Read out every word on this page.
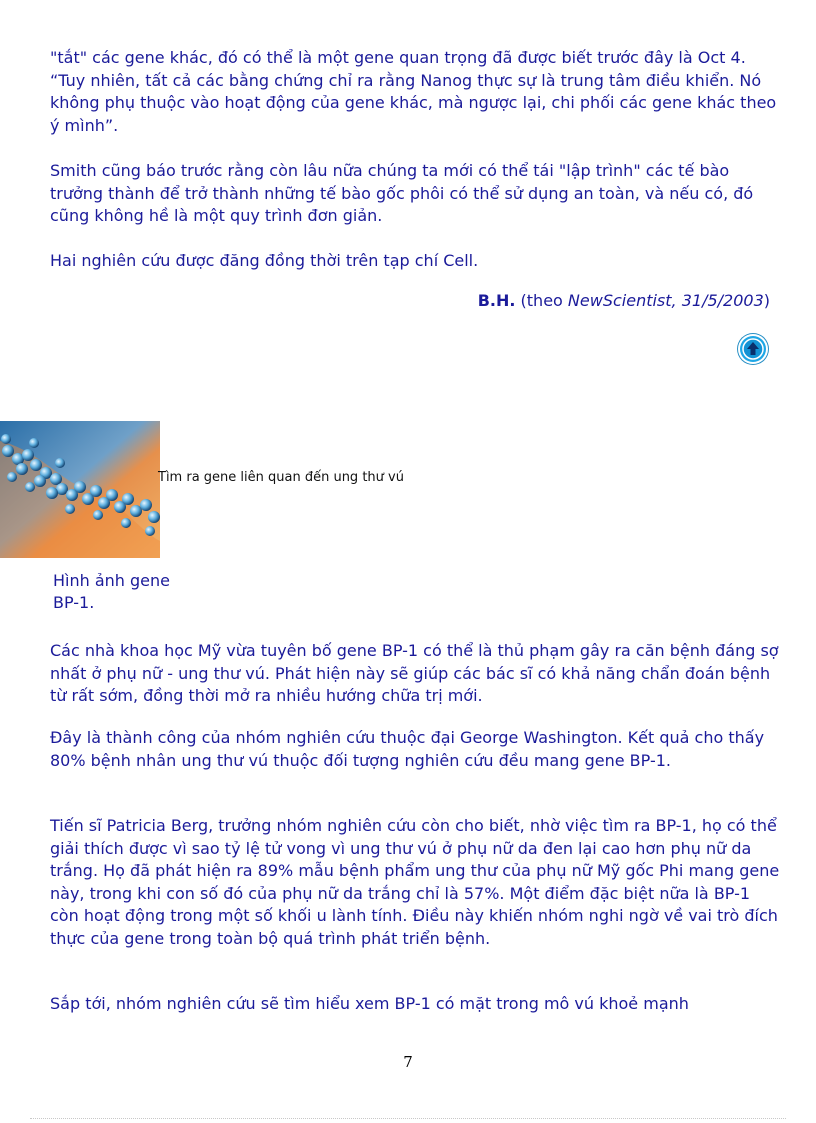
"tắt" các gene khác, đó có thể là một gene quan trọng đã được biết trước đây là Oct 4. “Tuy nhiên, tất cả các bằng chứng chỉ ra rằng Nanog thực sự là trung tâm điều khiển. Nó không phụ thuộc vào hoạt động của gene khác, mà ngược lại, chi phối các gene khác theo ý mình”.

Smith cũng báo trước rằng còn lâu nữa chúng ta mới có thể tái "lập trình" các tế bào trưởng thành để trở thành những tế bào gốc phôi có thể sử dụng an toàn, và nếu có, đó cũng không hề là một quy trình đơn giản.

Hai nghiên cứu được đăng đồng thời trên tạp chí Cell.

B.H. (theo NewScientist, 31/5/2003)
Tìm ra gene liên quan đến ung thư vú
Hình ảnh gene
BP-1.

Các nhà khoa học Mỹ vừa tuyên bố gene BP-1 có thể là thủ phạm gây ra căn bệnh đáng sợ nhất ở phụ nữ - ung thư vú. Phát hiện này sẽ giúp các bác sĩ có khả năng chẩn đoán bệnh từ rất sớm, đồng thời mở ra nhiều hướng chữa trị mới.

Đây là thành công của nhóm nghiên cứu thuộc đại George Washington. Kết quả cho thấy 80% bệnh nhân ung thư vú thuộc đối tượng nghiên cứu đều mang gene BP-1.

Tiến sĩ Patricia Berg, trưởng nhóm nghiên cứu còn cho biết, nhờ việc tìm ra BP-1, họ có thể giải thích được vì sao tỷ lệ tử vong vì ung thư vú ở phụ nữ da đen lại cao hơn phụ nữ da trắng. Họ đã phát hiện ra 89% mẫu bệnh phẩm ung thư của phụ nữ Mỹ gốc Phi mang gene này, trong khi con số đó của phụ nữ da trắng chỉ là 57%. Một điểm đặc biệt nữa là BP-1 còn hoạt động trong một số khối u lành tính. Điều này khiến nhóm nghi ngờ về vai trò đích thực của gene trong toàn bộ quá trình phát triển bệnh.

Sắp tới, nhóm nghiên cứu sẽ tìm hiểu xem BP-1 có mặt trong mô vú khoẻ mạnh

7
